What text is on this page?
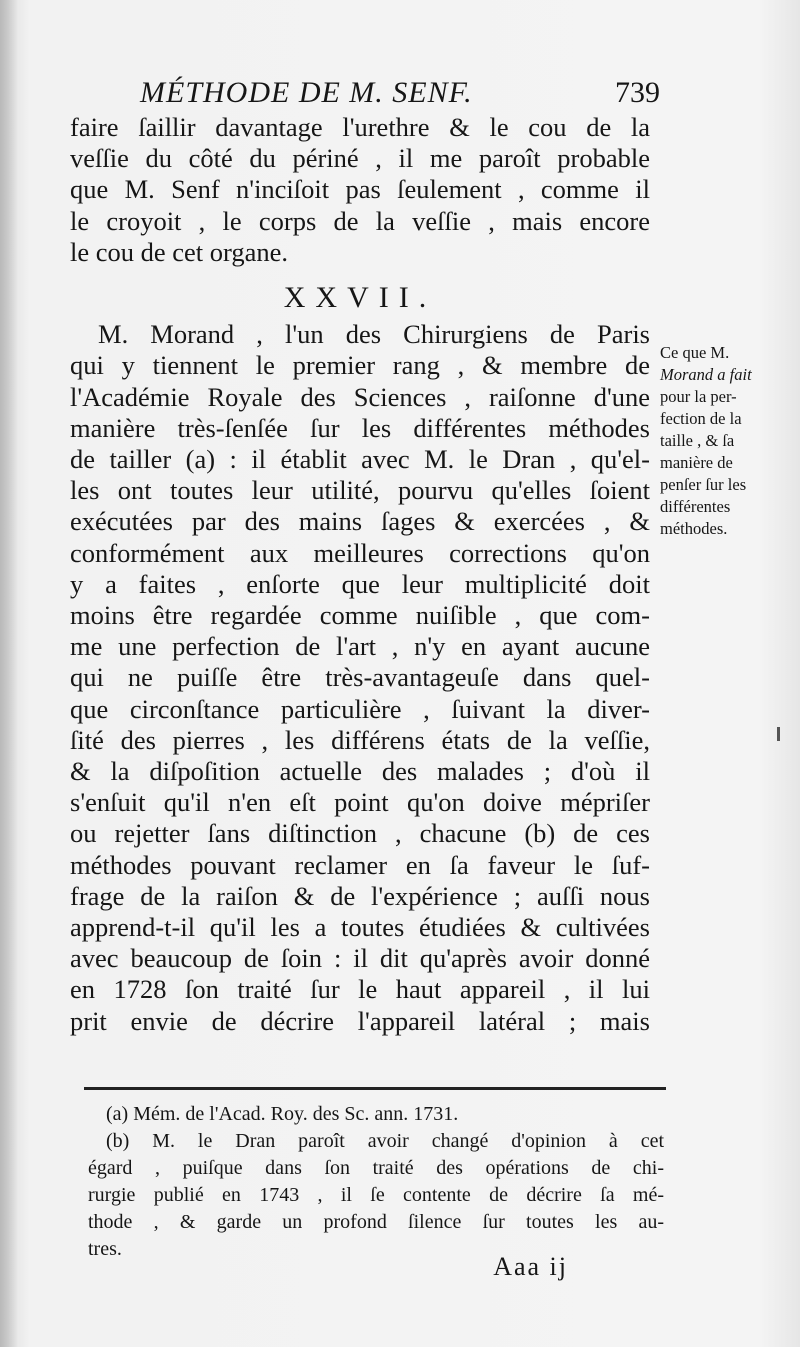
MÉTHODE DE M. SENF.	739
faire ſaillir davantage l'urethre & le cou de la
veſſie du côté du périné , il me paroît probable
que M. Senf n'inciſoit pas ſeulement , comme il
le croyoit , le corps de la veſſie , mais encore
le cou de cet organe.
XXVII.
M. Morand , l'un des Chirurgiens de Paris
qui y tiennent le premier rang , & membre de
l'Académie Royale des Sciences , raiſonne d'une
manière très-ſenſée ſur les différentes méthodes
de tailler (a) : il établit avec M. le Dran , qu'el-
les ont toutes leur utilité, pourvu qu'elles ſoient
exécutées par des mains ſages & exercées , &
conformément aux meilleures corrections qu'on
y a faites , enſorte que leur multiplicité doit
moins être regardée comme nuiſible , que com-
me une perfection de l'art , n'y en ayant aucune
qui ne puiſſe être très-avantageuſe dans quel-
que circonſtance particulière , ſuivant la diver-
ſité des pierres , les différens états de la veſſie,
& la diſpoſition actuelle des malades ; d'où il
s'enſuit qu'il n'en eſt point qu'on doive mépriſer
ou rejetter ſans diſtinction , chacune (b) de ces
méthodes pouvant reclamer en ſa faveur le ſuf-
frage de la raiſon & de l'expérience ; auſſi nous
apprend-t-il qu'il les a toutes étudiées & cultivées
avec beaucoup de ſoin : il dit qu'après avoir donné
en 1728 ſon traité ſur le haut appareil , il lui
prit envie de décrire l'appareil latéral ; mais
Ce que M.
Morand a fait
pour la per-
fection de la
taille , & ſa
manière de
penſer ſur les
différentes
méthodes.
(a) Mém. de l'Acad. Roy. des Sc. ann. 1731.
(b) M. le Dran paroît avoir changé d'opinion à cet
égard , puiſque dans ſon traité des opérations de chi-
rurgie publié en 1743 , il ſe contente de décrire ſa mé-
thode , & garde un profond ſilence ſur toutes les au-
tres.
Aaa ij
